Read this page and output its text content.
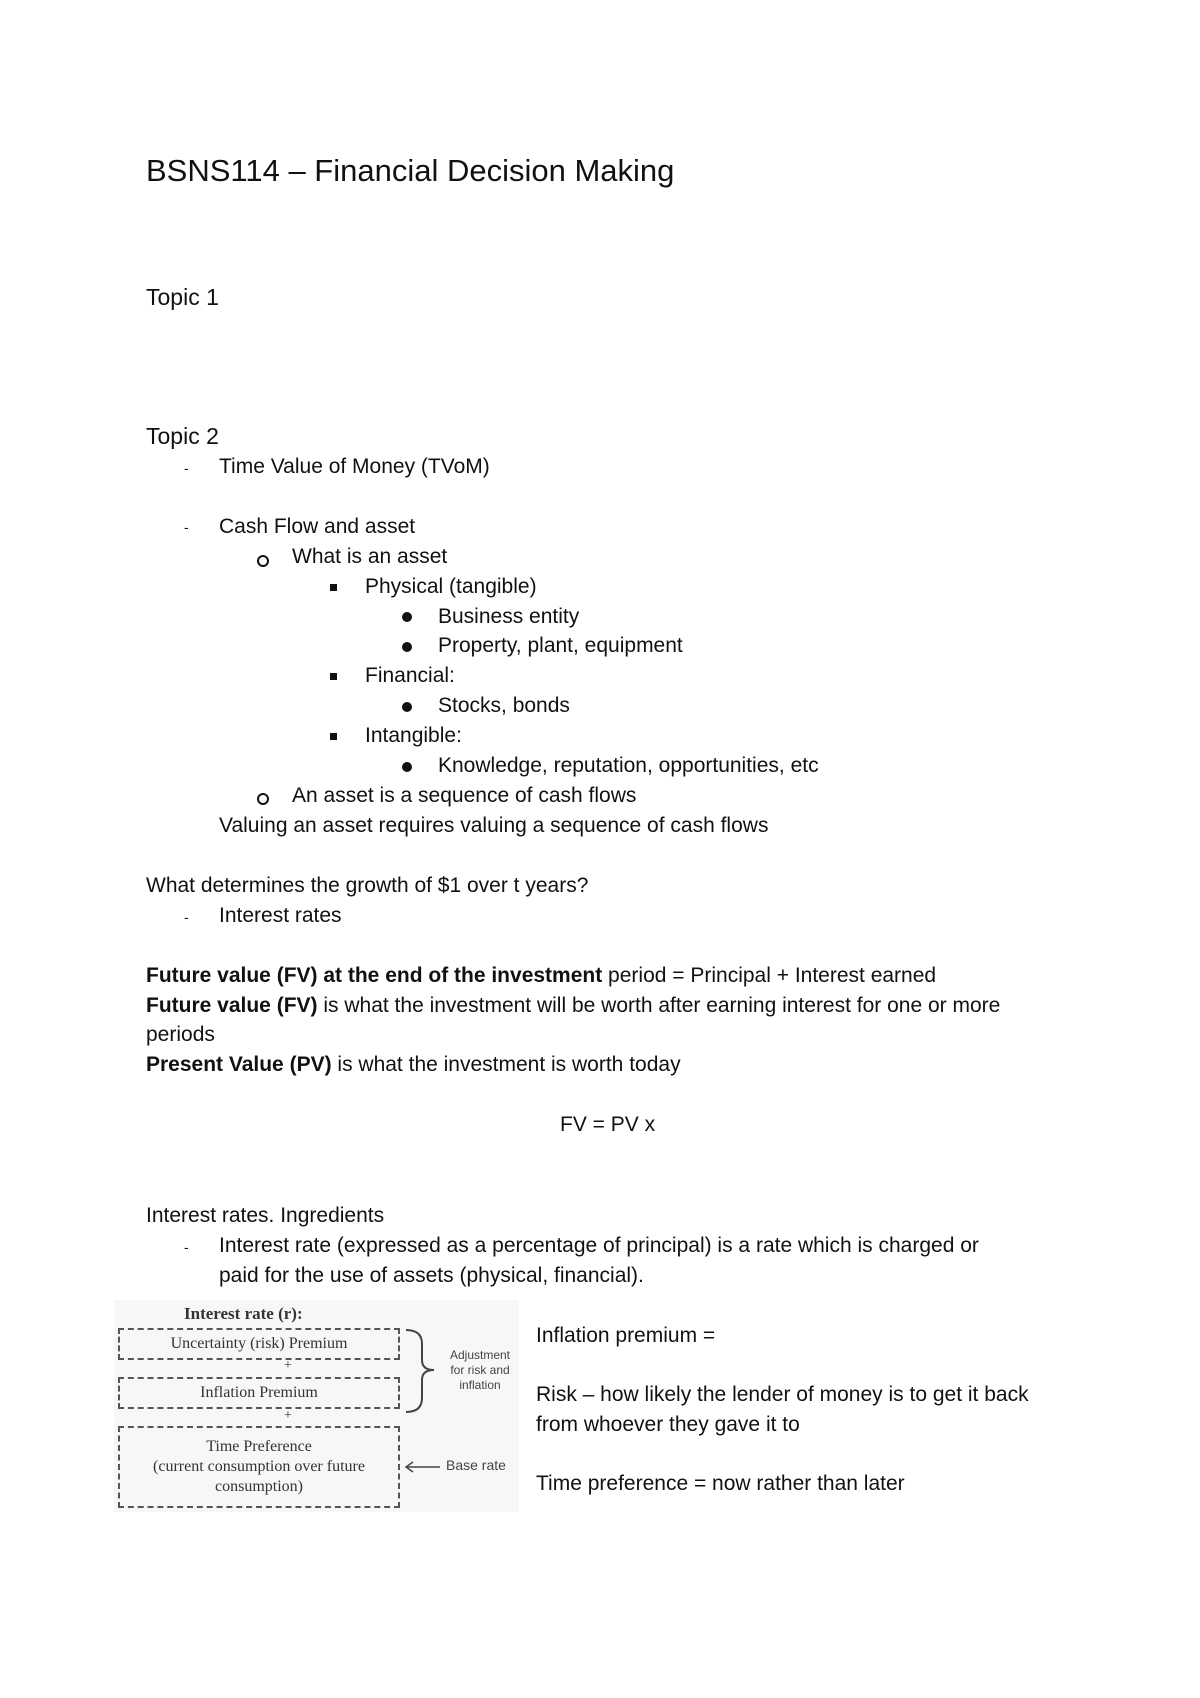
BSNS114 – Financial Decision Making
Topic 1
Topic 2
- Time Value of Money (TVoM)
- Cash Flow and asset
What is an asset
Physical (tangible)
Business entity
Property, plant, equipment
Financial:
Stocks, bonds
Intangible:
Knowledge, reputation, opportunities, etc
An asset is a sequence of cash flows
Valuing an asset requires valuing a sequence of cash flows
What determines the growth of $1 over t years?
- Interest rates
Future value (FV) at the end of the investment period = Principal + Interest earned
Future value (FV) is what the investment will be worth after earning interest for one or more
periods
Present Value (PV) is what the investment is worth today
FV = PV x
Interest rates. Ingredients
- Interest rate (expressed as a percentage of principal) is a rate which is charged or
paid for the use of assets (physical, financial).
Interest rate (r):
Uncertainty (risk) Premium
+
Inflation Premium
+
Time Preference
(current consumption over future
consumption)
Adjustment
for risk and
inflation
Base rate
Inflation premium =
Risk – how likely the lender of money is to get it back
from whoever they gave it to
Time preference = now rather than later
